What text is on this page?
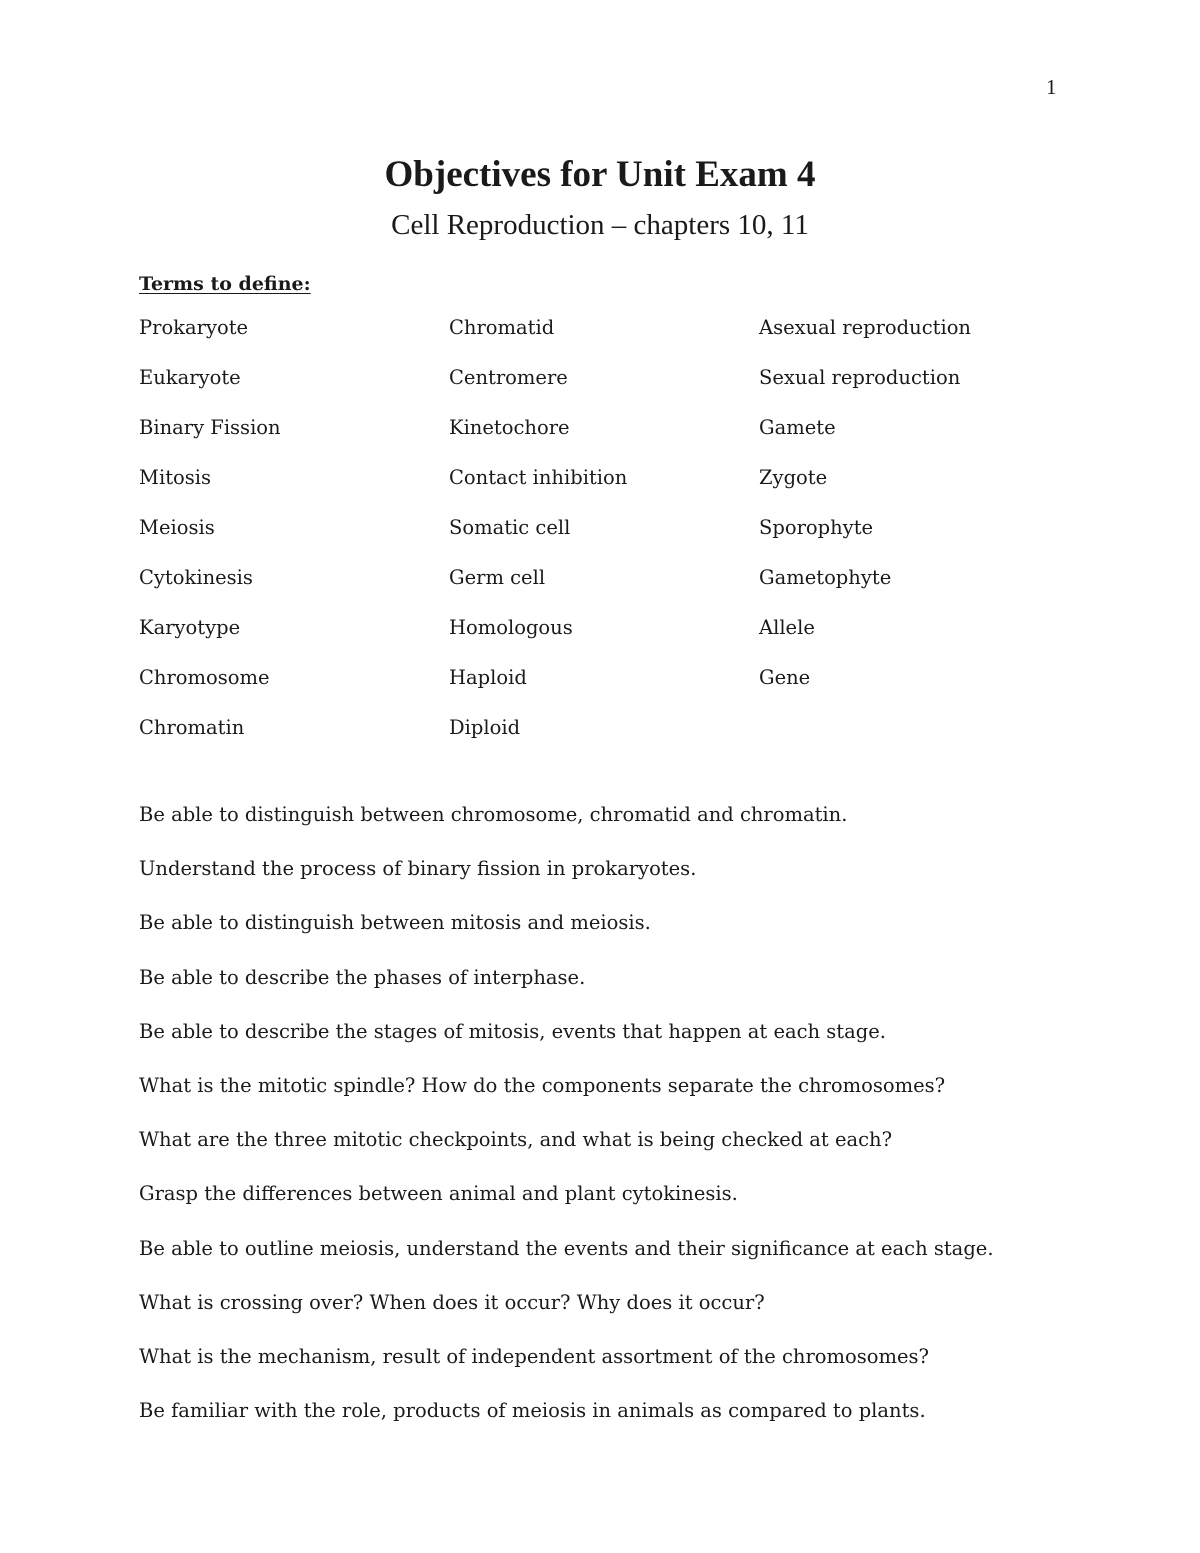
1
Objectives for Unit Exam 4
Cell Reproduction – chapters 10, 11
Terms to define:
Prokaryote	Chromatid	Asexual reproduction
Eukaryote	Centromere	Sexual reproduction
Binary Fission	Kinetochore	Gamete
Mitosis	Contact inhibition	Zygote
Meiosis	Somatic cell	Sporophyte
Cytokinesis	Germ cell	Gametophyte
Karyotype	Homologous	Allele
Chromosome	Haploid	Gene
Chromatin	Diploid
Be able to distinguish between chromosome, chromatid and chromatin.
Understand the process of binary fission in prokaryotes.
Be able to distinguish between mitosis and meiosis.
Be able to describe the phases of interphase.
Be able to describe the stages of mitosis, events that happen at each stage.
What is the mitotic spindle? How do the components separate the chromosomes?
What are the three mitotic checkpoints, and what is being checked at each?
Grasp the differences between animal and plant cytokinesis.
Be able to outline meiosis, understand the events and their significance at each stage.
What is crossing over? When does it occur? Why does it occur?
What is the mechanism, result of independent assortment of the chromosomes?
Be familiar with the role, products of meiosis in animals as compared to plants.
